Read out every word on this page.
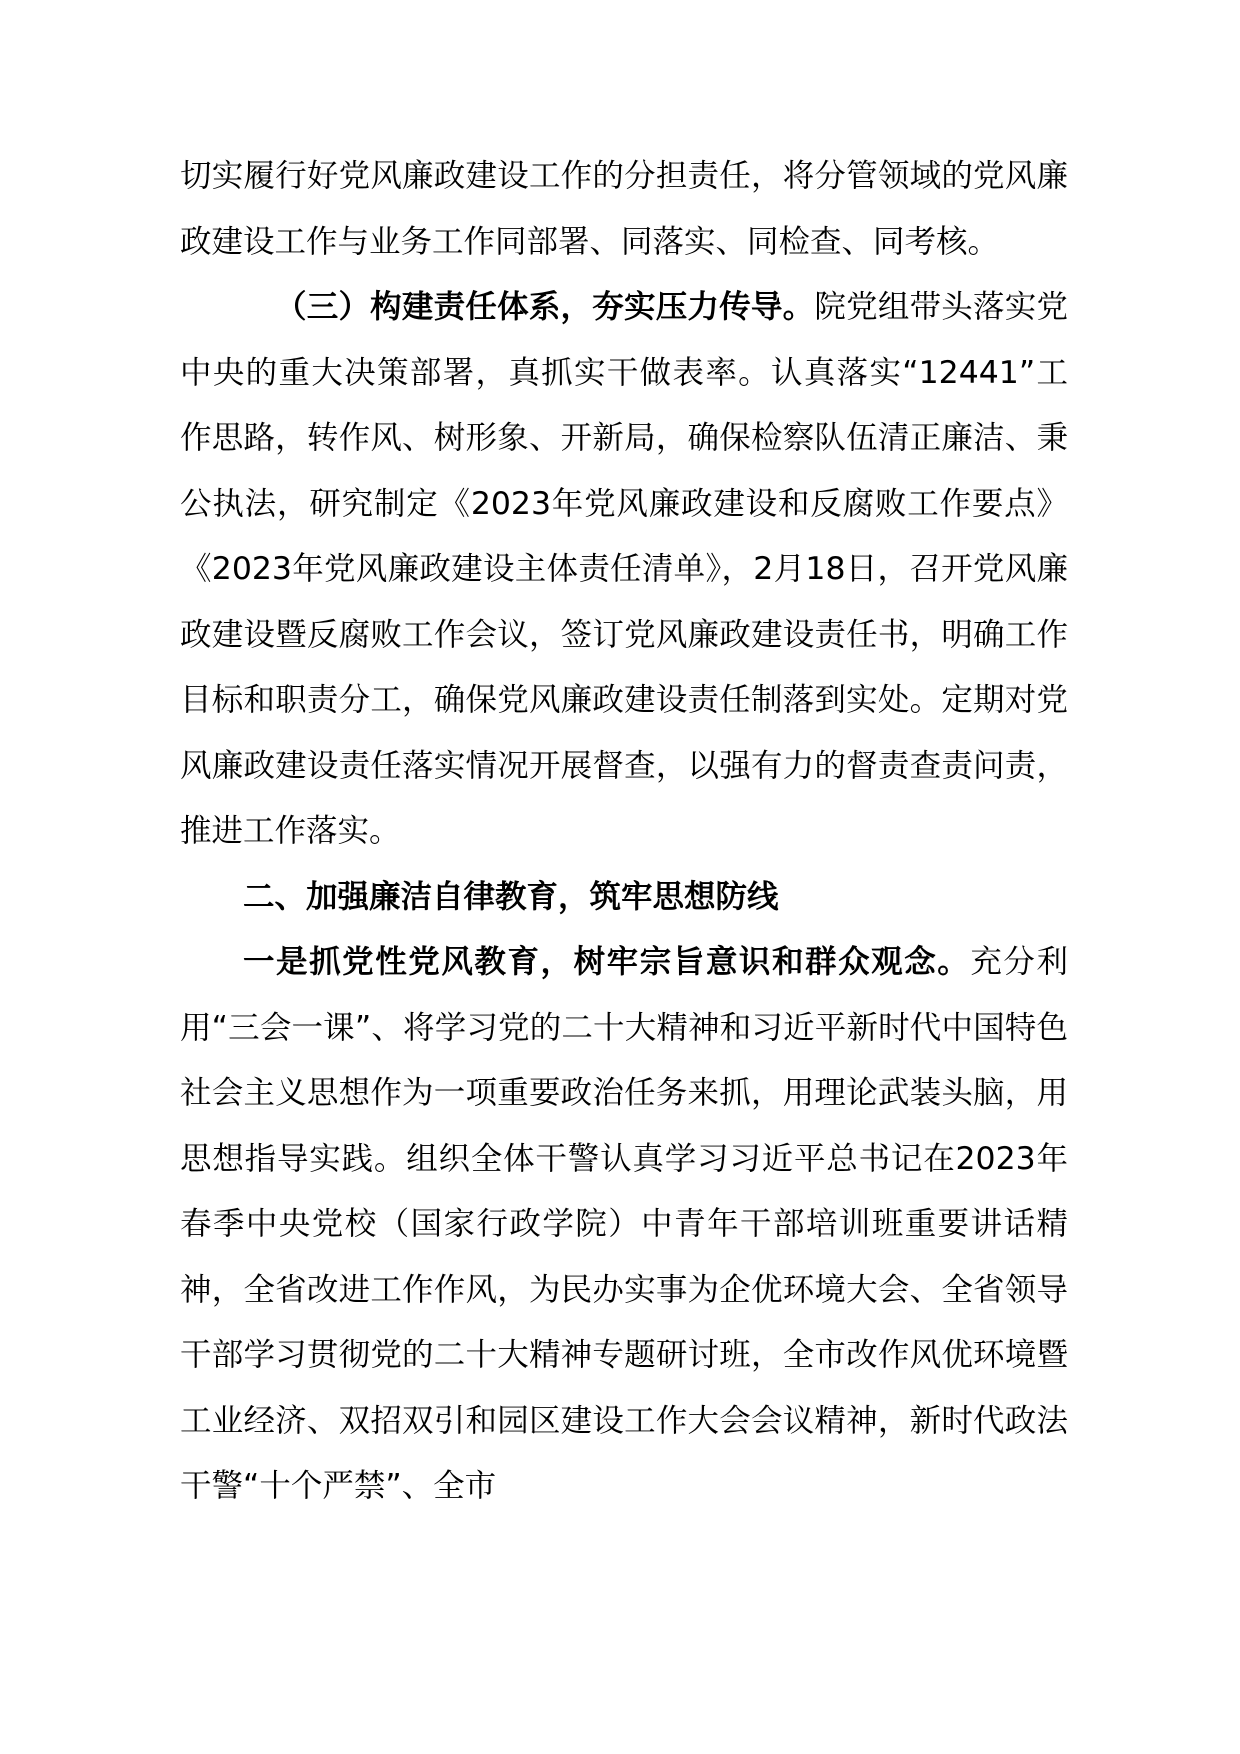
切实履行好党风廉政建设工作的分担责任，将分管领域的党风廉政建设工作与业务工作同部署、同落实、同检查、同考核。

（三）构建责任体系，夯实压力传导。院党组带头落实党中央的重大决策部署，真抓实干做表率。认真落实“12441”工作思路，转作风、树形象、开新局，确保检察队伍清正廉洁、秉公执法，研究制定《2023年党风廉政建设和反腐败工作要点》《2023年党风廉政建设主体责任清单》，2月18日，召开党风廉政建设暨反腐败工作会议，签订党风廉政建设责任书，明确工作目标和职责分工，确保党风廉政建设责任制落到实处。定期对党风廉政建设责任落实情况开展督查，以强有力的督责查责问责，推进工作落实。

二、加强廉洁自律教育，筑牢思想防线

一是抓党性党风教育，树牢宗旨意识和群众观念。充分利用“三会一课”、将学习党的二十大精神和习近平新时代中国特色社会主义思想作为一项重要政治任务来抓，用理论武装头脑，用思想指导实践。组织全体干警认真学习习近平总书记在2023年春季中央党校（国家行政学院）中青年干部培训班重要讲话精神，全省改进工作作风，为民办实事为企优环境大会、全省领导干部学习贯彻党的二十大精神专题研讨班，全市改作风优环境暨工业经济、双招双引和园区建设工作大会会议精神，新时代政法干警“十个严禁”、全市
